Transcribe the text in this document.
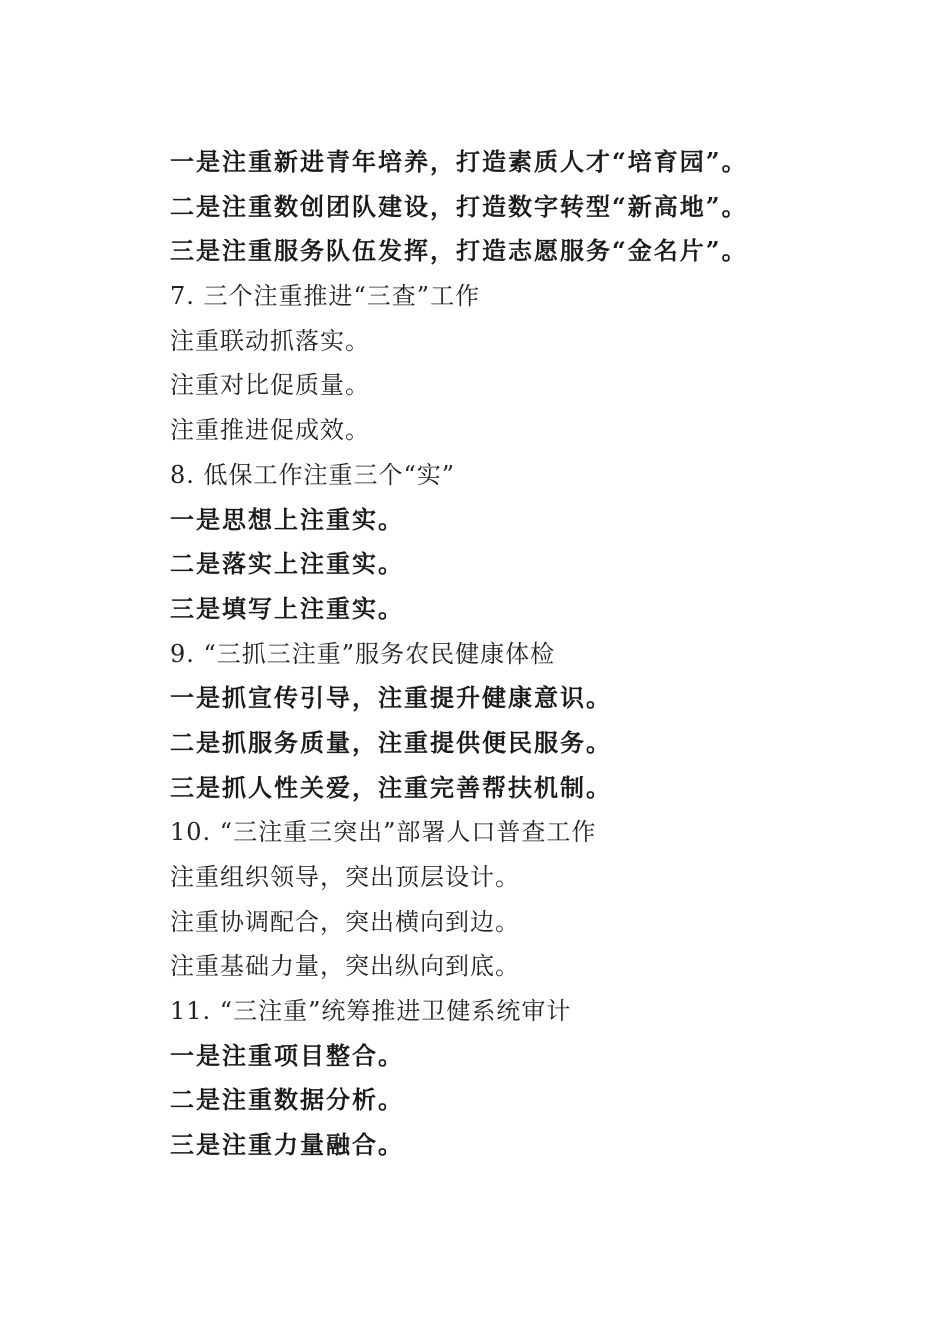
一是注重新进青年培养，打造素质人才“培育园”。
二是注重数创团队建设，打造数字转型“新高地”。
三是注重服务队伍发挥，打造志愿服务“金名片”。
7. 三个注重推进“三查”工作
注重联动抓落实。
注重对比促质量。
注重推进促成效。
8. 低保工作注重三个“实”
一是思想上注重实。
二是落实上注重实。
三是填写上注重实。
9. “三抓三注重”服务农民健康体检
一是抓宣传引导，注重提升健康意识。
二是抓服务质量，注重提供便民服务。
三是抓人性关爱，注重完善帮扶机制。
10. “三注重三突出”部署人口普查工作
注重组织领导，突出顶层设计。
注重协调配合，突出横向到边。
注重基础力量，突出纵向到底。
11. “三注重”统筹推进卫健系统审计
一是注重项目整合。
二是注重数据分析。
三是注重力量融合。
